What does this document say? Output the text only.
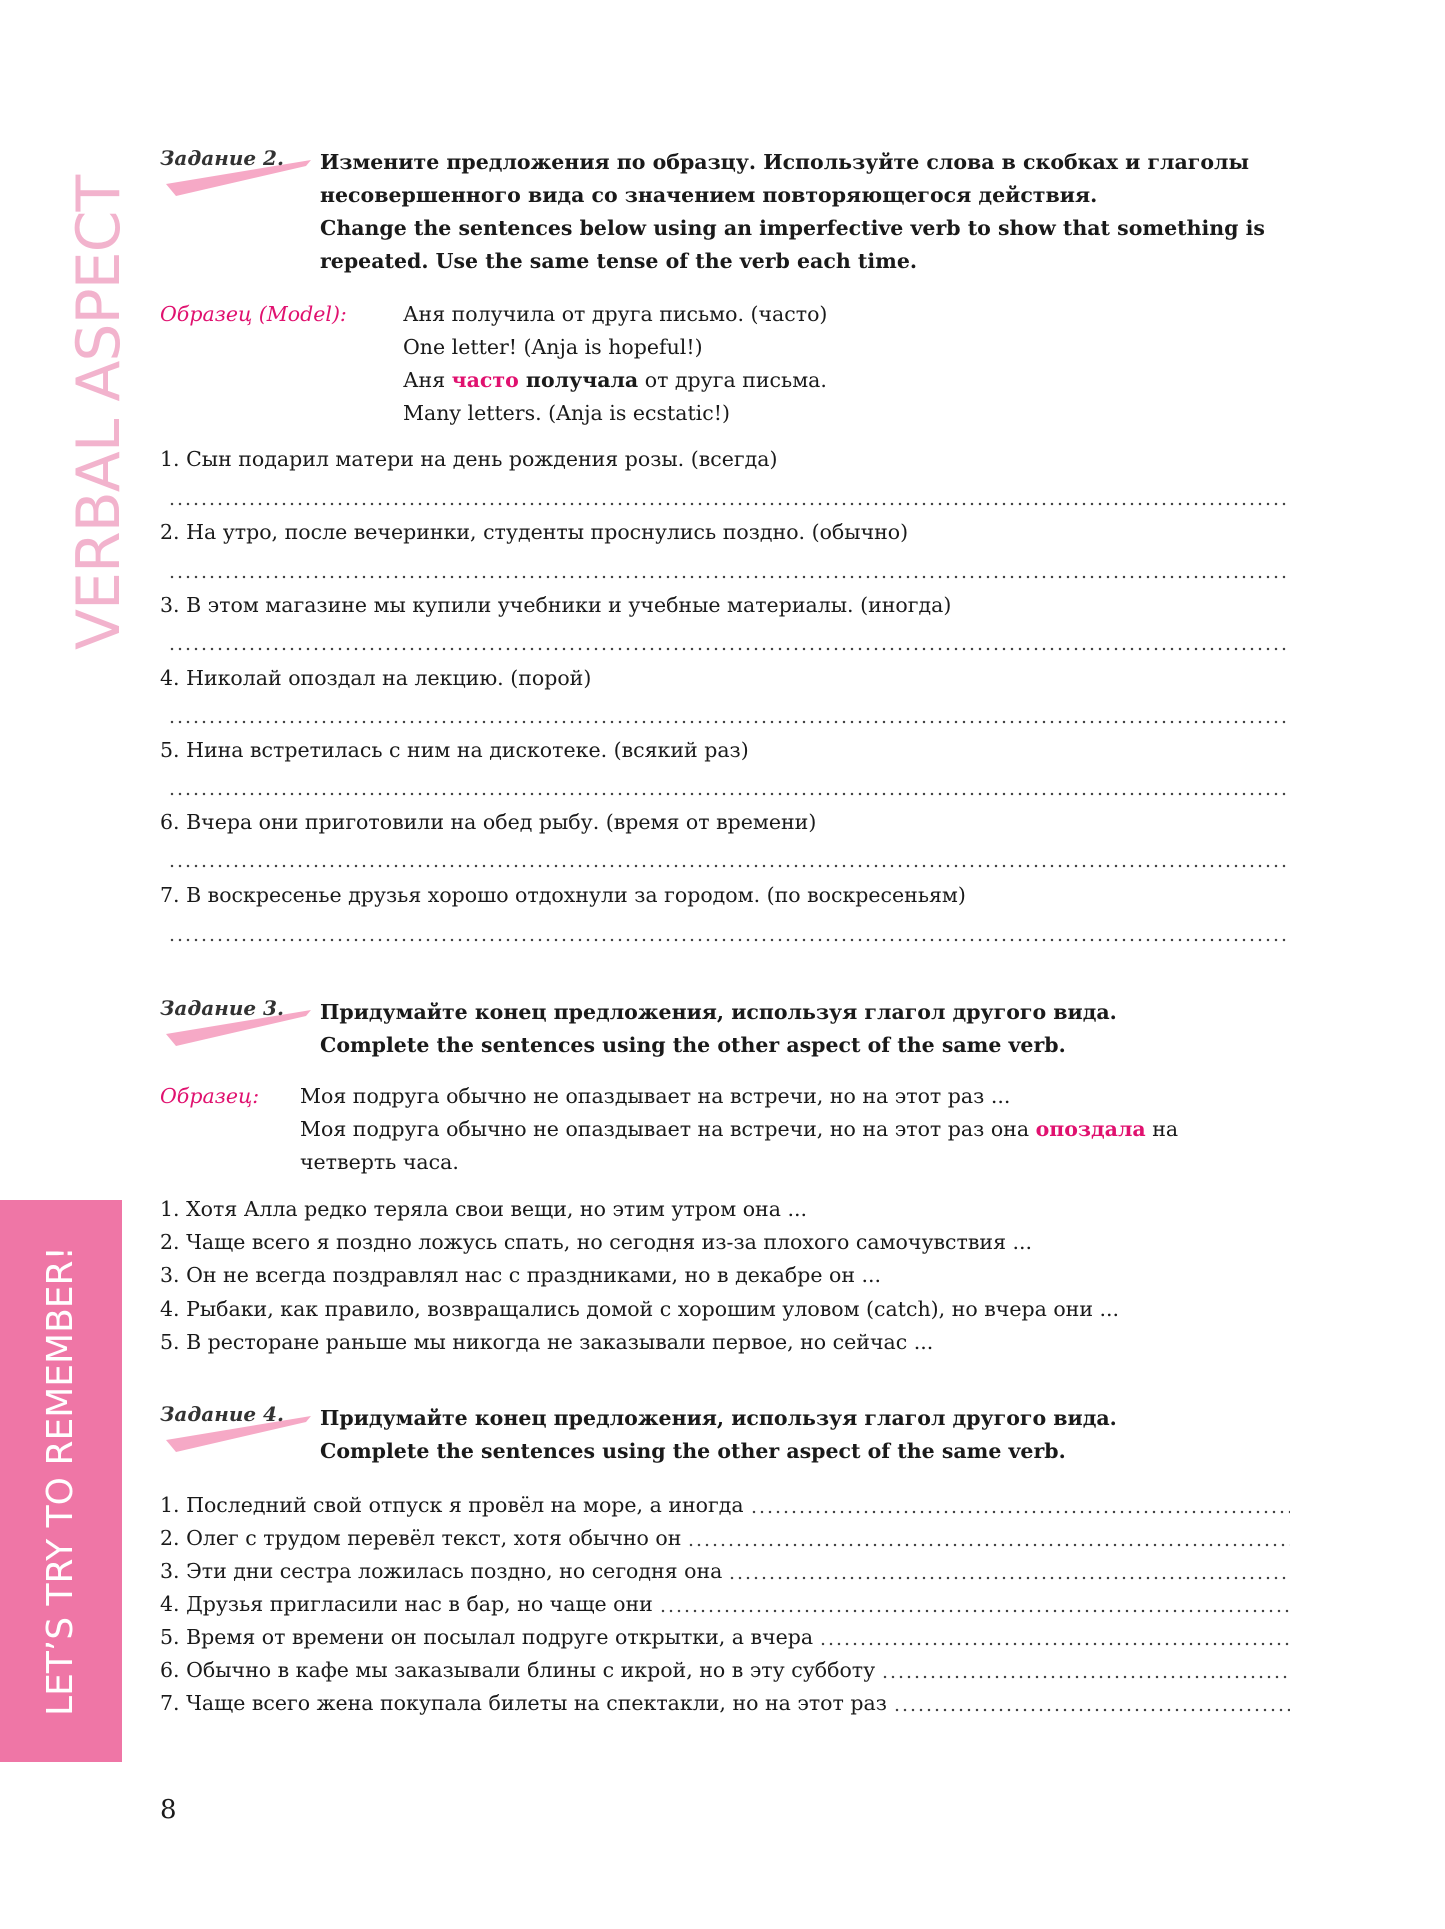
VERBAL ASPECT
LET’S TRY TO REMEMBER!
Задание 2. Измените предложения по образцу. Используйте слова в скобках и глаголы несовершенного вида со значением повторяющегося действия.
Change the sentences below using an imperfective verb to show that something is repeated. Use the same tense of the verb each time.
Образец (Model):	Аня получила от друга письмо. (часто)
One letter! (Anja is hopeful!)
Аня часто получала от друга письма.
Many letters. (Anja is ecstatic!)
1. Сын подарил матери на день рождения розы. (всегда)
2. На утро, после вечеринки, студенты проснулись поздно. (обычно)
3. В этом магазине мы купили учебники и учебные материалы. (иногда)
4. Николай опоздал на лекцию. (порой)
5. Нина встретилась с ним на дискотеке. (всякий раз)
6. Вчера они приготовили на обед рыбу. (время от времени)
7. В воскресенье друзья хорошо отдохнули за городом. (по воскресеньям)
Задание 3. Придумайте конец предложения, используя глагол другого вида.
Complete the sentences using the other aspect of the same verb.
Образец: Моя подруга обычно не опаздывает на встречи, но на этот раз ...
Моя подруга обычно не опаздывает на встречи, но на этот раз она опоздала на
четверть часа.
1. Хотя Алла редко теряла свои вещи, но этим утром она ...
2. Чаще всего я поздно ложусь спать, но сегодня из-за плохого самочувствия ...
3. Он не всегда поздравлял нас с праздниками, но в декабре он ...
4. Рыбаки, как правило, возвращались домой с хорошим уловом (catch), но вчера они ...
5. В ресторане раньше мы никогда не заказывали первое, но сейчас ...
Задание 4. Придумайте конец предложения, используя глагол другого вида.
Complete the sentences using the other aspect of the same verb.
1. Последний свой отпуск я провёл на море, а иногда
2. Олег с трудом перевёл текст, хотя обычно он
3. Эти дни сестра ложилась поздно, но сегодня она
4. Друзья пригласили нас в бар, но чаще они
5. Время от времени он посылал подруге открытки, а вчера
6. Обычно в кафе мы заказывали блины с икрой, но в эту субботу
7. Чаще всего жена покупала билеты на спектакли, но на этот раз
8
